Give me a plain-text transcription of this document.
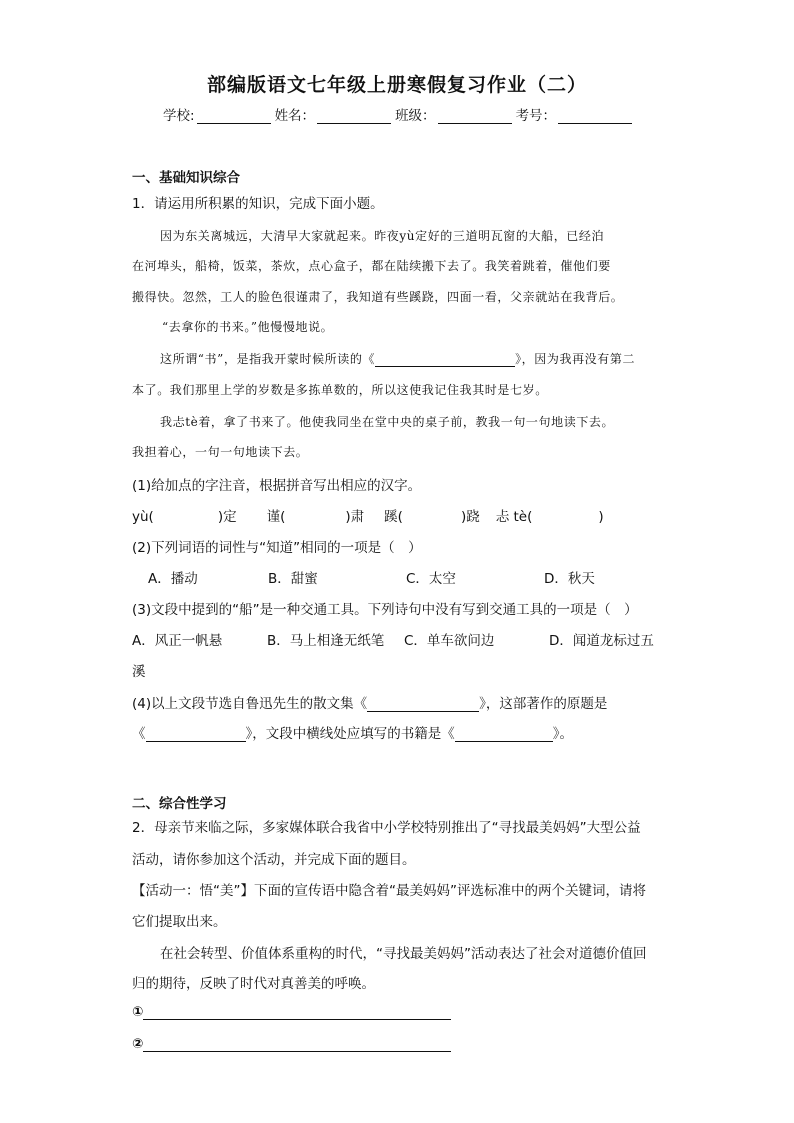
部编版语文七年级上册寒假复习作业（二）
学校:	姓名：	班级：	考号：
一、基础知识综合
1．请运用所积累的知识，完成下面小题。
因为东关离城远，大清早大家就起来。昨夜yù定好的三道明瓦窗的大船，已经泊
在河埠头，船椅，饭菜，茶炊，点心盒子，都在陆续搬下去了。我笑着跳着，催他们要
搬得快。忽然，工人的脸色很谨肃了，我知道有些蹊跷，四面一看，父亲就站在我背后。
“去拿你的书来。”他慢慢地说。
这所谓“书”，是指我开蒙时候所读的《	》，因为我再没有第二
本了。我们那里上学的岁数是多拣单数的，所以这使我记住我其时是七岁。
我忐tè着，拿了书来了。他使我同坐在堂中央的桌子前，教我一句一句地读下去。
我担着心，一句一句地读下去。
(1)给加点的字注音，根据拼音写出相应的汉字。
yù(	)定 谨(	)肃 蹊(	)跷 忐 tè(	)
(2)下列词语的词性与“知道”相同的一项是（　）
A．播动	B．甜蜜	C．太空	D．秋天
(3)文段中提到的“船”是一种交通工具。下列诗句中没有写到交通工具的一项是（　）
A．风正一帆悬	B．马上相逢无纸笔 C．单车欲问边	D．闻道龙标过五
溪
(4)以上文段节选自鲁迅先生的散文集《	》，这部著作的原题是
《	》，文段中横线处应填写的书籍是《	》。
二、综合性学习
2．母亲节来临之际，多家媒体联合我省中小学校特别推出了“寻找最美妈妈”大型公益
活动，请你参加这个活动，并完成下面的题目。
【活动一：悟“美”】下面的宣传语中隐含着“最美妈妈”评选标准中的两个关键词，请将
它们提取出来。
在社会转型、价值体系重构的时代，“寻找最美妈妈”活动表达了社会对道德价值回
归的期待，反映了时代对真善美的呼唤。
①
②
